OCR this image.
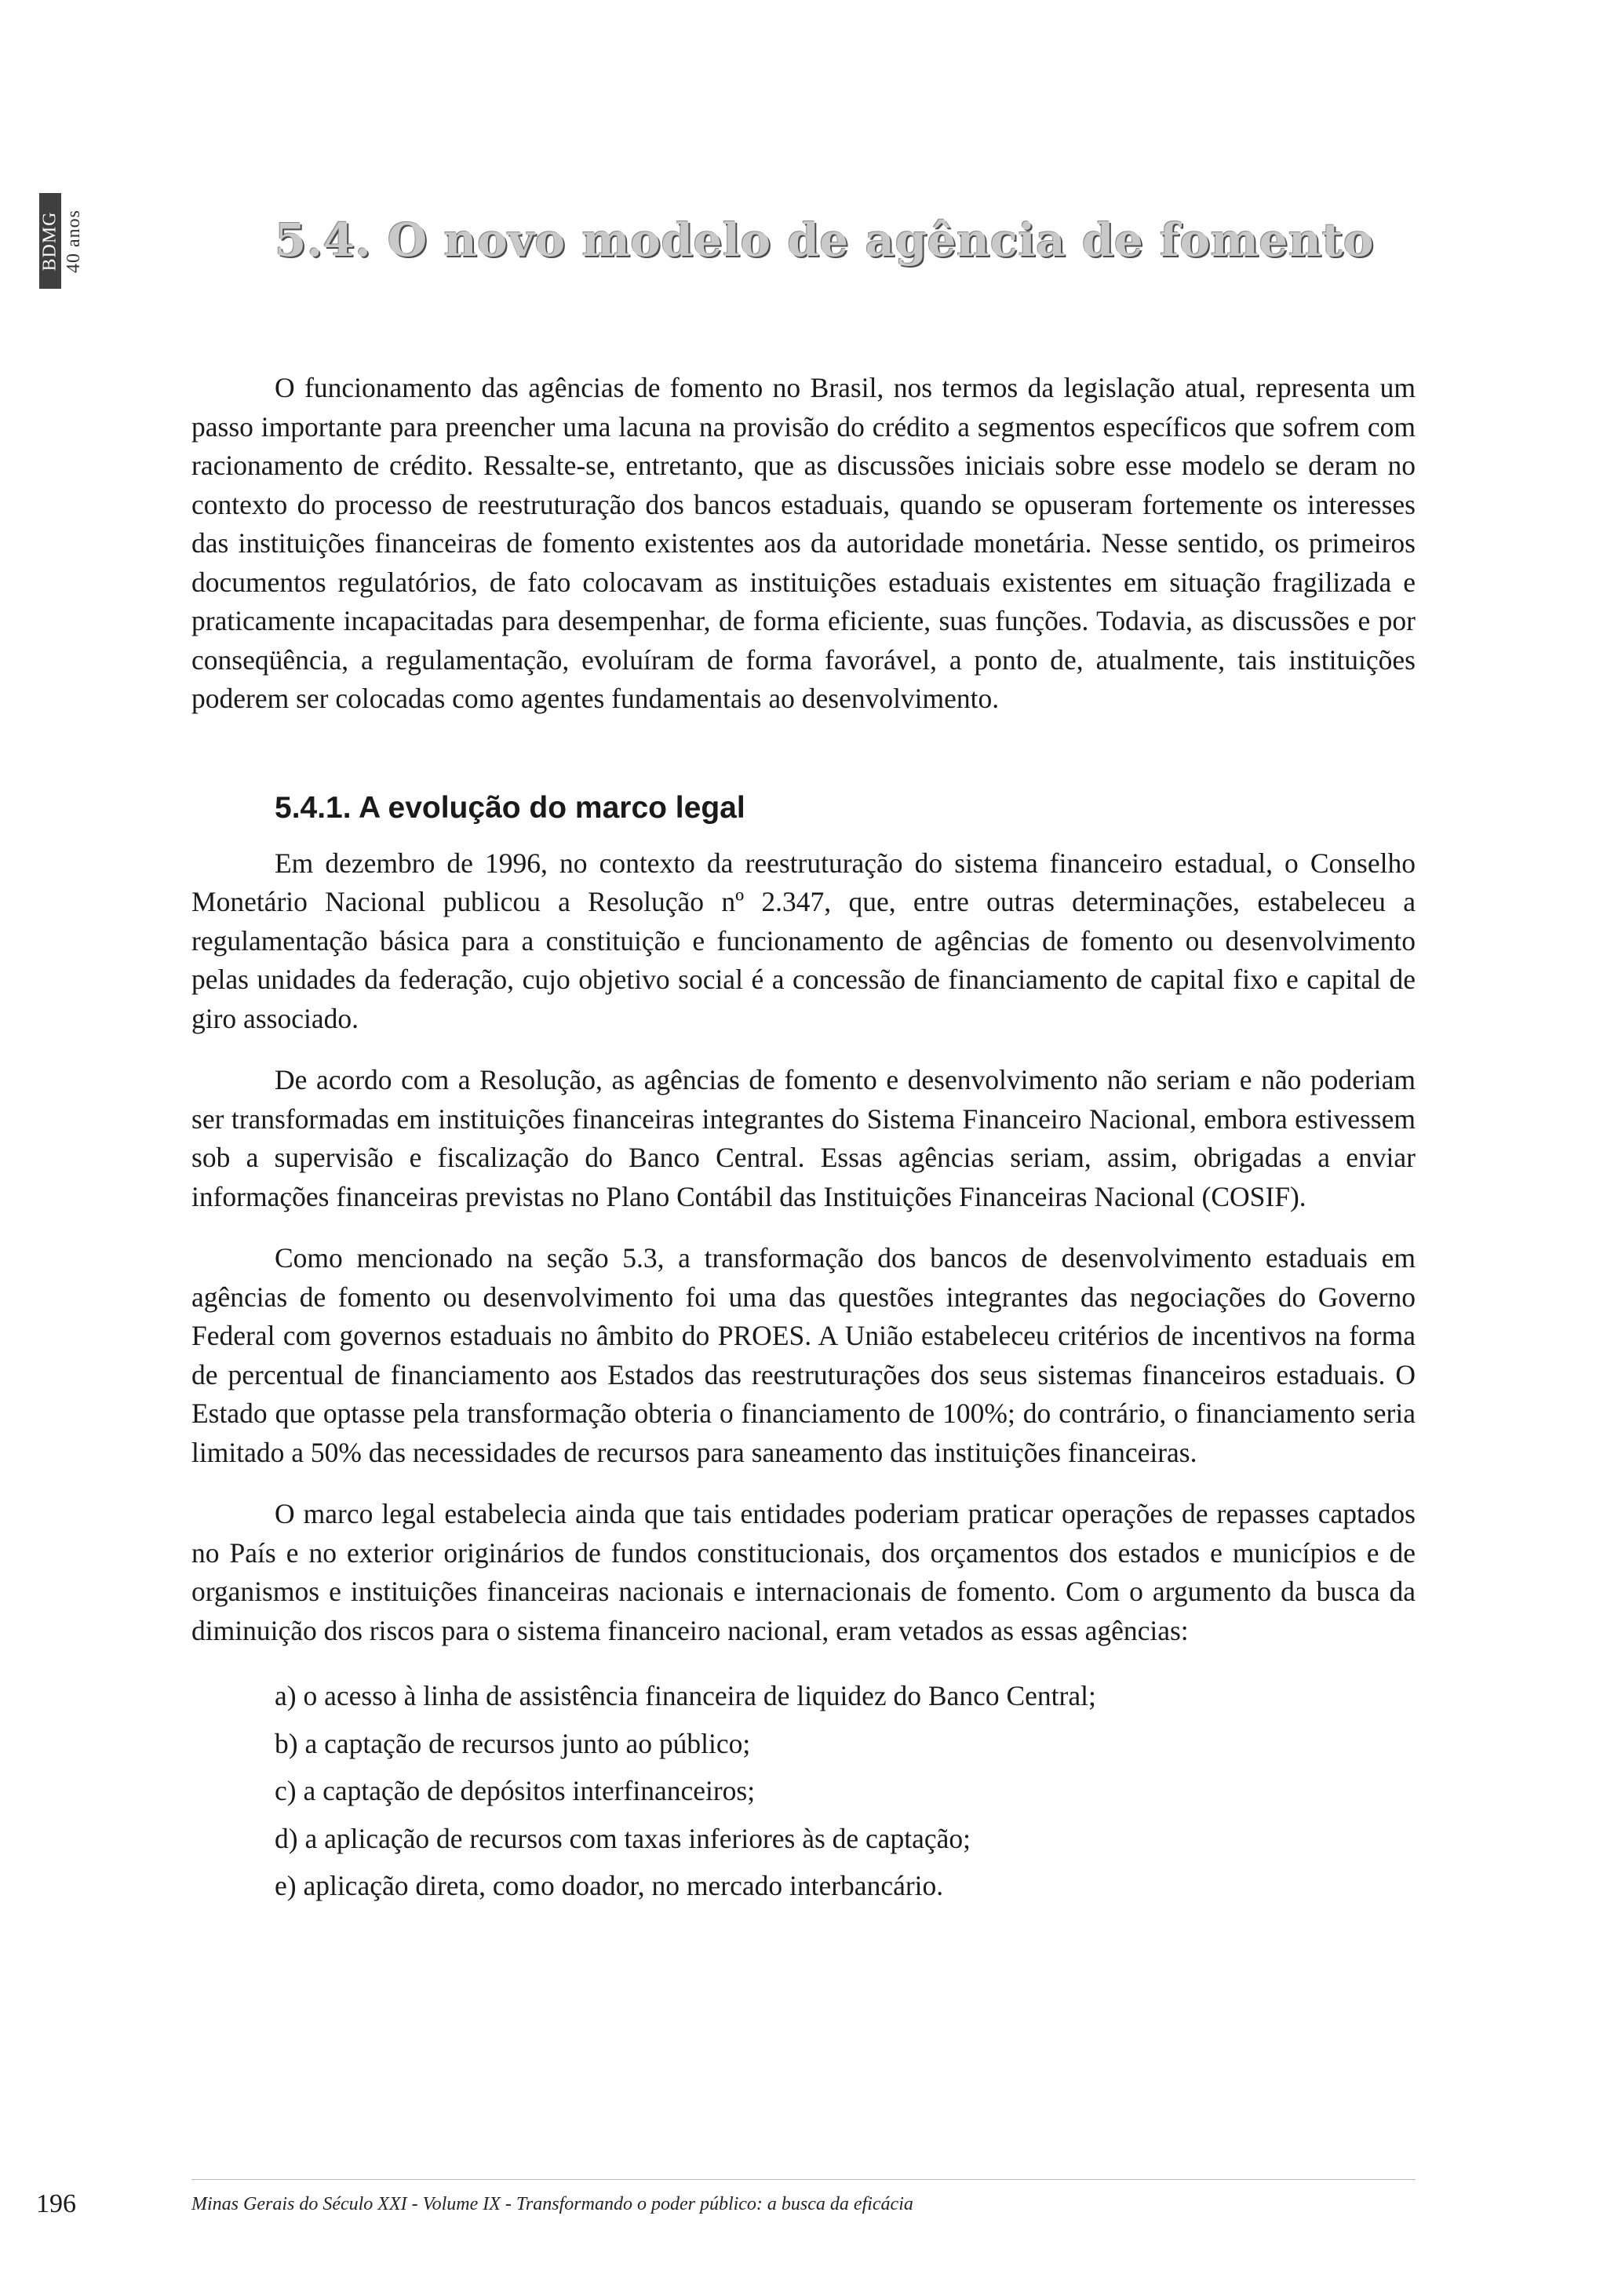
BDMG 40 anos	5.4. O novo modelo de agência de fomento

O funcionamento das agências de fomento no Brasil, nos termos da legislação atual, representa um passo importante para preencher uma lacuna na provisão do crédito a segmentos específicos que sofrem com racionamento de crédito. Ressalte-se, entretanto, que as discussões iniciais sobre esse modelo se deram no contexto do processo de reestruturação dos bancos estaduais, quando se opuseram fortemente os interesses das instituições financeiras de fomento existentes aos da autoridade monetária. Nesse sentido, os primeiros documentos regulatórios, de fato colocavam as instituições estaduais existentes em situação fragilizada e praticamente incapacitadas para desempenhar, de forma eficiente, suas funções. Todavia, as discussões e por conseqüência, a regulamentação, evoluíram de forma favorável, a ponto de, atualmente, tais instituições poderem ser colocadas como agentes fundamentais ao desenvolvimento.

5.4.1. A evolução do marco legal

Em dezembro de 1996, no contexto da reestruturação do sistema financeiro estadual, o Conselho Monetário Nacional publicou a Resolução nº 2.347, que, entre outras determinações, estabeleceu a regulamentação básica para a constituição e funcionamento de agências de fomento ou desenvolvimento pelas unidades da federação, cujo objetivo social é a concessão de financiamento de capital fixo e capital de giro associado.

De acordo com a Resolução, as agências de fomento e desenvolvimento não seriam e não poderiam ser transformadas em instituições financeiras integrantes do Sistema Financeiro Nacional, embora estivessem sob a supervisão e fiscalização do Banco Central. Essas agências seriam, assim, obrigadas a enviar informações financeiras previstas no Plano Contábil das Instituições Financeiras Nacional (COSIF).

Como mencionado na seção 5.3, a transformação dos bancos de desenvolvimento estaduais em agências de fomento ou desenvolvimento foi uma das questões integrantes das negociações do Governo Federal com governos estaduais no âmbito do PROES. A União estabeleceu critérios de incentivos na forma de percentual de financiamento aos Estados das reestruturações dos seus sistemas financeiros estaduais. O Estado que optasse pela transformação obteria o financiamento de 100%; do contrário, o financiamento seria limitado a 50% das necessidades de recursos para saneamento das instituições financeiras.

O marco legal estabelecia ainda que tais entidades poderiam praticar operações de repasses captados no País e no exterior originários de fundos constitucionais, dos orçamentos dos estados e municípios e de organismos e instituições financeiras nacionais e internacionais de fomento. Com o argumento da busca da diminuição dos riscos para o sistema financeiro nacional, eram vetados as essas agências:

a) o acesso à linha de assistência financeira de liquidez do Banco Central;
b) a captação de recursos junto ao público;
c) a captação de depósitos interfinanceiros;
d) a aplicação de recursos com taxas inferiores às de captação;
e) aplicação direta, como doador, no mercado interbancário.
196	Minas Gerais do Século XXI - Volume IX - Transformando o poder público: a busca da eficácia
